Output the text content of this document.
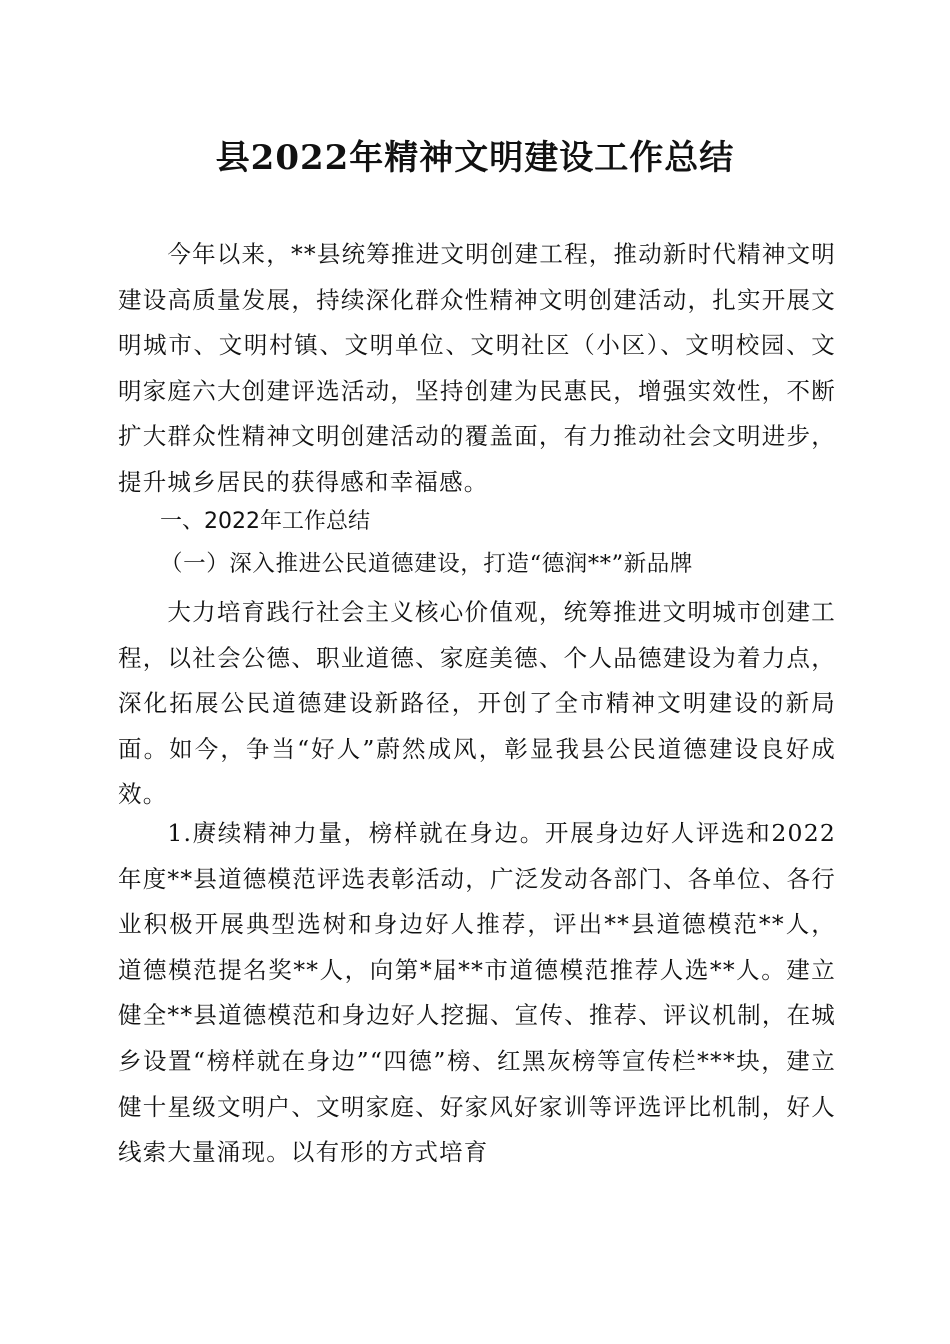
县2022年精神文明建设工作总结

今年以来，**县统筹推进文明创建工程，推动新时代精神文明建设高质量发展，持续深化群众性精神文明创建活动，扎实开展文明城市、文明村镇、文明单位、文明社区（小区）、文明校园、文明家庭六大创建评选活动，坚持创建为民惠民，增强实效性，不断扩大群众性精神文明创建活动的覆盖面，有力推动社会文明进步，提升城乡居民的获得感和幸福感。

一、2022年工作总结

（一）深入推进公民道德建设，打造“德润**”新品牌

大力培育践行社会主义核心价值观，统筹推进文明城市创建工程，以社会公德、职业道德、家庭美德、个人品德建设为着力点，深化拓展公民道德建设新路径，开创了全市精神文明建设的新局面。如今，争当“好人”蔚然成风，彰显我县公民道德建设良好成效。

1.赓续精神力量，榜样就在身边。开展身边好人评选和2022年度**县道德模范评选表彰活动，广泛发动各部门、各单位、各行业积极开展典型选树和身边好人推荐，评出**县道德模范**人，道德模范提名奖**人，向第*届**市道德模范推荐人选**人。建立健全**县道德模范和身边好人挖掘、宣传、推荐、评议机制，在城乡设置“榜样就在身边”“四德”榜、红黑灰榜等宣传栏***块，建立健十星级文明户、文明家庭、好家风好家训等评选评比机制，好人线索大量涌现。以有形的方式培育
